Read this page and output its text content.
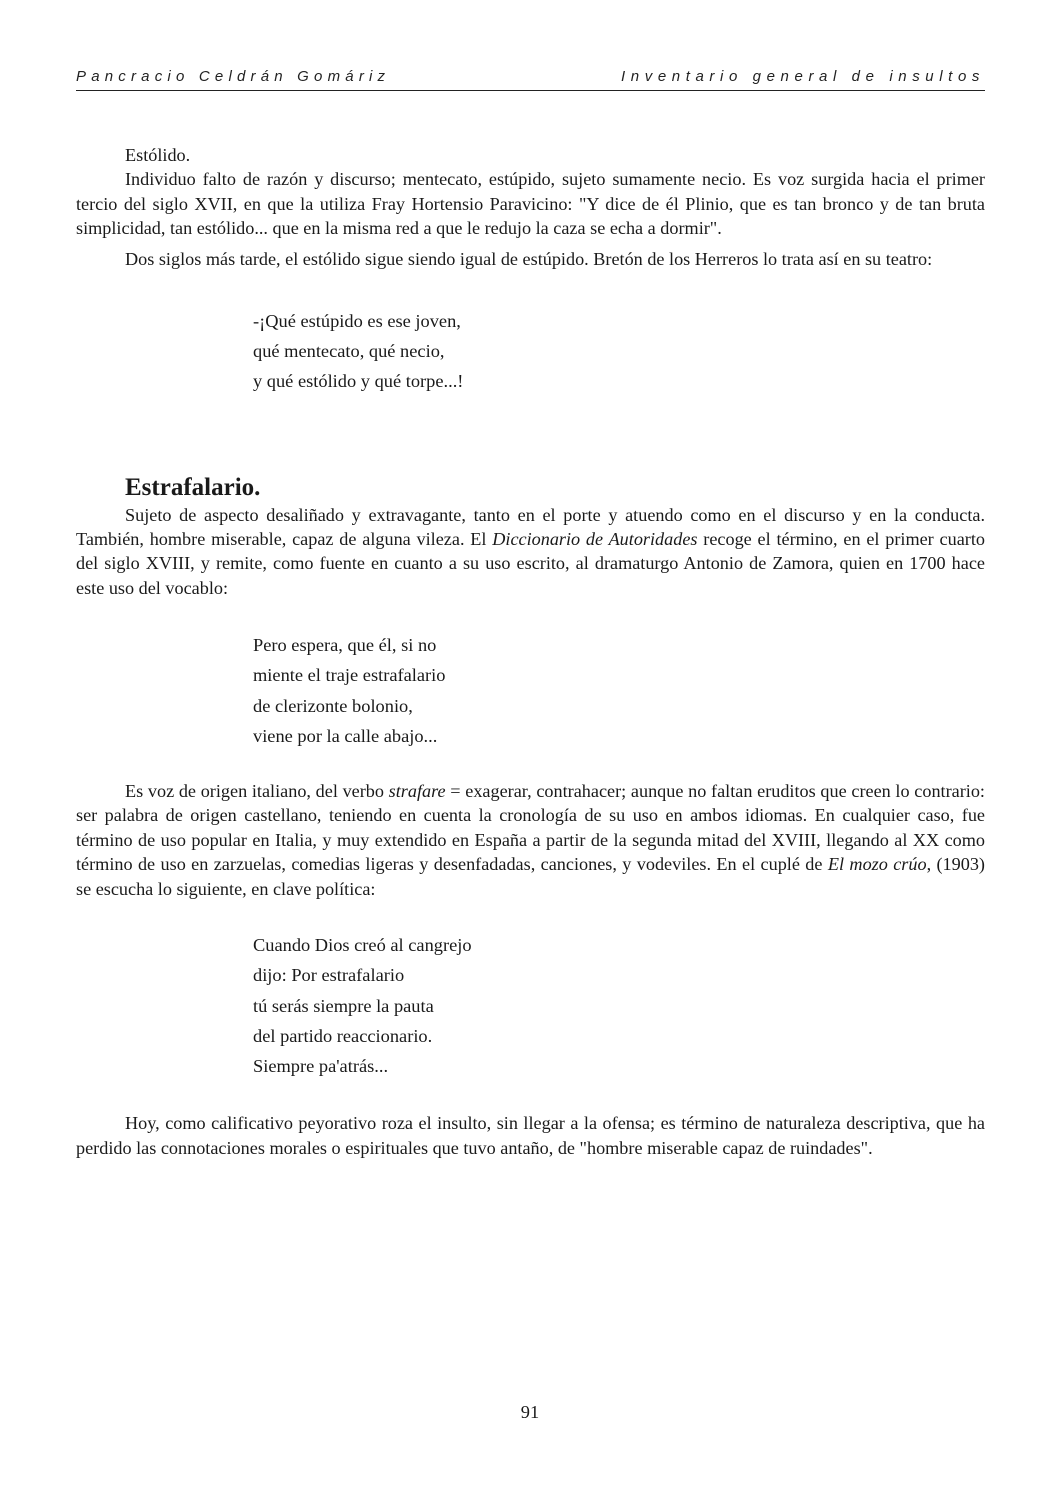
Pancracio Celdrán Gomáriz	Inventario general de insultos
Estólido.

Individuo falto de razón y discurso; mentecato, estúpido, sujeto sumamente necio. Es voz surgida hacia el primer tercio del siglo XVII, en que la utiliza Fray Hortensio Paravicino: "Y dice de él Plinio, que es tan bronco y de tan bruta simplicidad, tan estólido... que en la misma red a que le redujo la caza se echa a dormir".

Dos siglos más tarde, el estólido sigue siendo igual de estúpido. Bretón de los Herreros lo trata así en su teatro:

-¡Qué estúpido es ese joven,
qué mentecato, qué necio,
y qué estólido y qué torpe...!
Estrafalario.

Sujeto de aspecto desaliñado y extravagante, tanto en el porte y atuendo como en el discurso y en la conducta. También, hombre miserable, capaz de alguna vileza. El Diccionario de Autoridades recoge el término, en el primer cuarto del siglo XVIII, y remite, como fuente en cuanto a su uso escrito, al dramaturgo Antonio de Zamora, quien en 1700 hace este uso del vocablo:

Pero espera, que él, si no
miente el traje estrafalario
de clerizonte bolonio,
viene por la calle abajo...

Es voz de origen italiano, del verbo strafare = exagerar, contrahacer; aunque no faltan eruditos que creen lo contrario: ser palabra de origen castellano, teniendo en cuenta la cronología de su uso en ambos idiomas. En cualquier caso, fue término de uso popular en Italia, y muy extendido en España a partir de la segunda mitad del XVIII, llegando al XX como término de uso en zarzuelas, comedias ligeras y desenfadadas, canciones, y vodeviles. En el cuplé de El mozo crúo, (1903) se escucha lo siguiente, en clave política:

Cuando Dios creó al cangrejo
dijo: Por estrafalario
tú serás siempre la pauta
del partido reaccionario.
Siempre pa'atrás...

Hoy, como calificativo peyorativo roza el insulto, sin llegar a la ofensa; es término de naturaleza descriptiva, que ha perdido las connotaciones morales o espirituales que tuvo antaño, de "hombre miserable capaz de ruindades".

91
